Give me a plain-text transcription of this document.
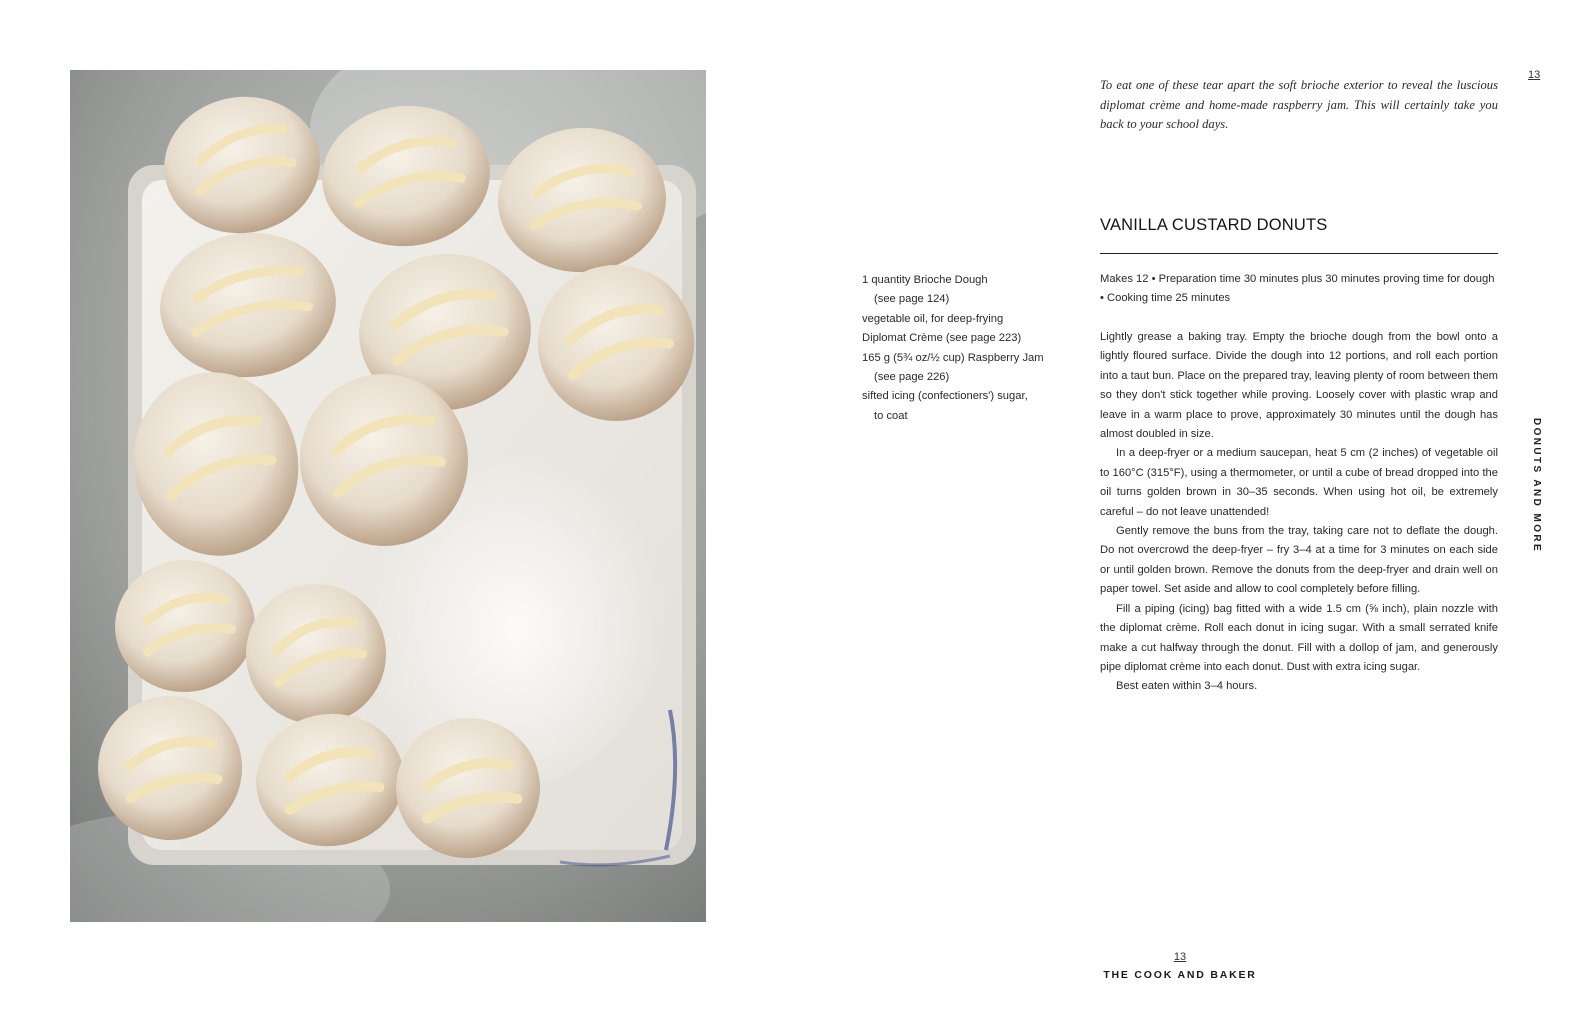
To eat one of these tear apart the soft brioche exterior to reveal the luscious diplomat crème and home-made raspberry jam. This will certainly take you back to your school days.
13
VANILLA CUSTARD DONUTS
1 quantity Brioche Dough
(see page 124)
vegetable oil, for deep-frying
Diplomat Crème (see page 223)
165 g (5¾ oz/½ cup) Raspberry Jam
(see page 226)
sifted icing (confectioners') sugar,
to coat
Makes 12 • Preparation time 30 minutes plus 30 minutes proving time for dough • Cooking time 25 minutes

Lightly grease a baking tray. Empty the brioche dough from the bowl onto a lightly floured surface. Divide the dough into 12 portions, and roll each portion into a taut bun. Place on the prepared tray, leaving plenty of room between them so they don't stick together while proving. Loosely cover with plastic wrap and leave in a warm place to prove, approximately 30 minutes until the dough has almost doubled in size.

In a deep-fryer or a medium saucepan, heat 5 cm (2 inches) of vegetable oil to 160°C (315°F), using a thermometer, or until a cube of bread dropped into the oil turns golden brown in 30–35 seconds. When using hot oil, be extremely careful – do not leave unattended!

Gently remove the buns from the tray, taking care not to deflate the dough. Do not overcrowd the deep-fryer – fry 3–4 at a time for 3 minutes on each side or until golden brown. Remove the donuts from the deep-fryer and drain well on paper towel. Set aside and allow to cool completely before filling.

Fill a piping (icing) bag fitted with a wide 1.5 cm (⅝ inch), plain nozzle with the diplomat crème. Roll each donut in icing sugar. With a small serrated knife make a cut halfway through the donut. Fill with a dollop of jam, and generously pipe diplomat crème into each donut. Dust with extra icing sugar.

Best eaten within 3–4 hours.

DONUTS AND MORE
13
THE COOK AND BAKER
